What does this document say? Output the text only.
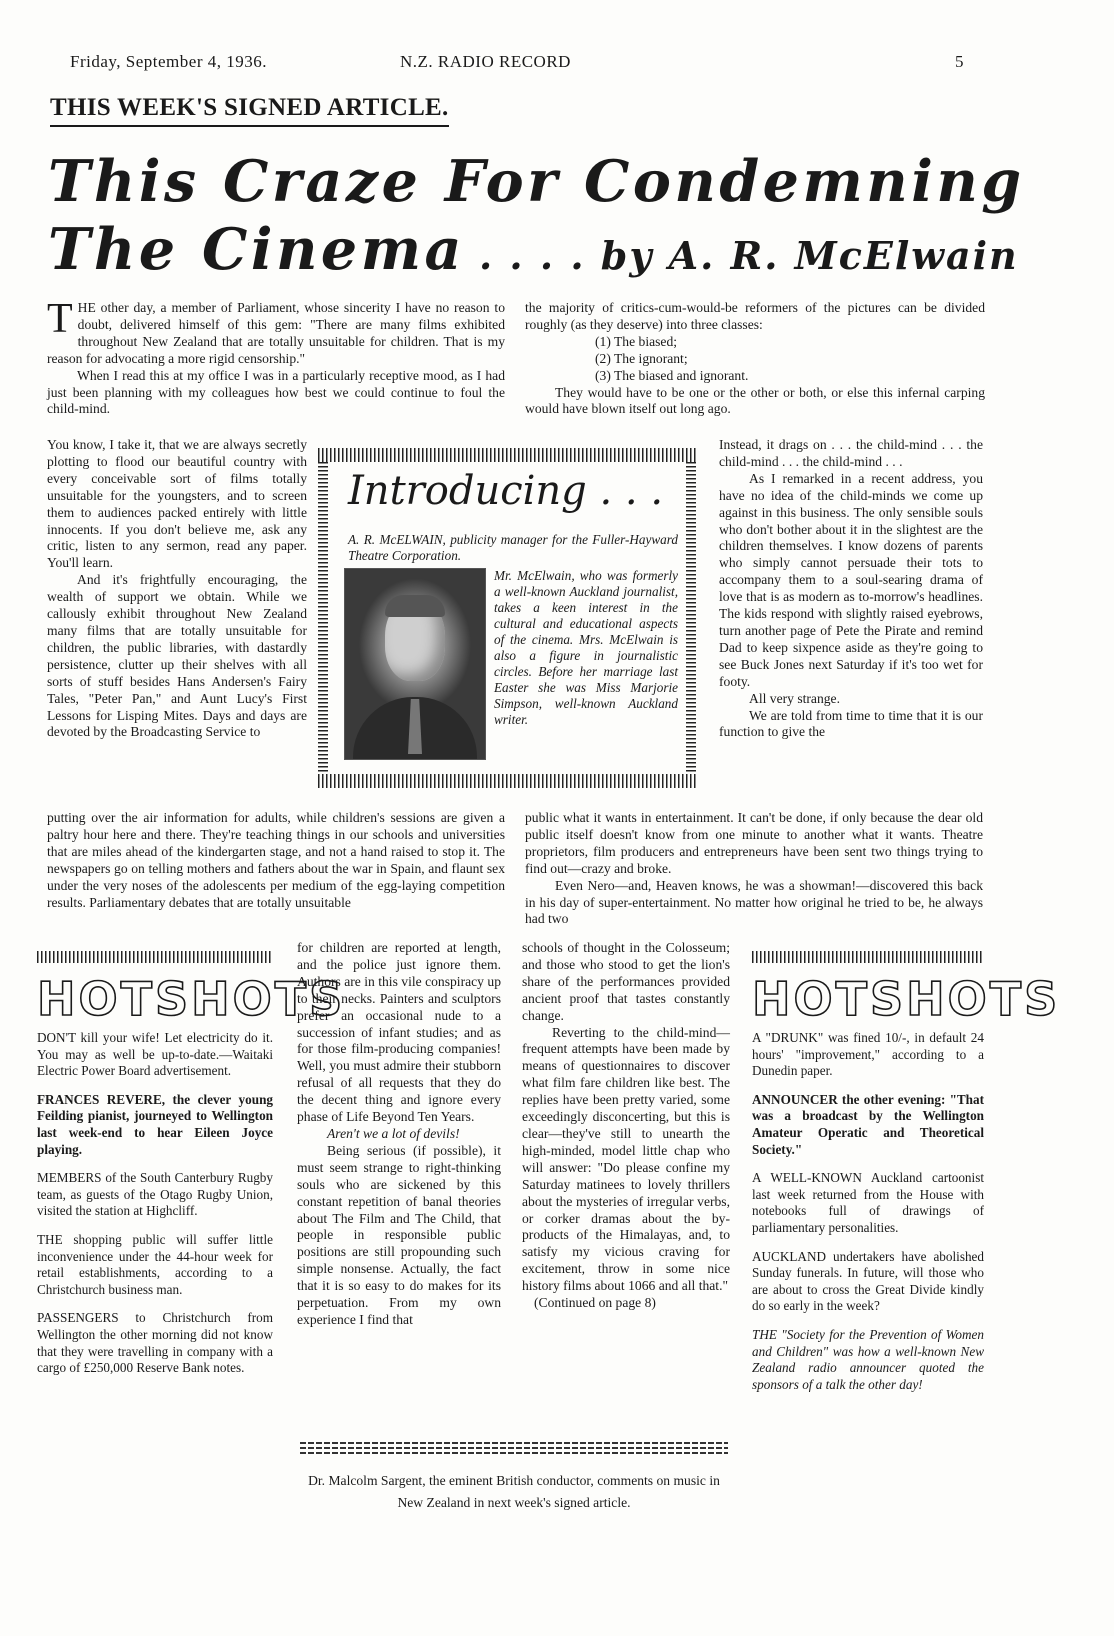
Friday, September 4, 1936.	N.Z. RADIO RECORD	5
THIS WEEK'S SIGNED ARTICLE.
This Craze For Condemning
The Cinema . . . . by A. R. McElwain

THE other day, a member of Parliament, whose sincerity I have no reason to doubt, delivered himself of this gem: "There are many films exhibited throughout New Zealand that are totally unsuitable for children. That is my reason for advocating a more rigid censorship."

When I read this at my office I was in a particularly receptive mood, as I had just been planning with my colleagues how best we could continue to foul the child-mind.

You know, I take it, that we are always secretly plotting to flood our beautiful country with every conceivable sort of films totally unsuitable for the youngsters, and to screen them to audiences packed entirely with little innocents. If you don't believe me, ask any critic, listen to any sermon, read any paper. You'll learn.

And it's frightfully encouraging, the wealth of support we obtain. While we callously exhibit throughout New Zealand many films that are totally unsuitable for children, the public libraries, with dastardly persistence, clutter up their shelves with all sorts of stuff besides Hans Andersen's Fairy Tales, "Peter Pan," and Aunt Lucy's First Lessons for Lisping Mites. Days and days are devoted by the Broadcasting Service to

putting over the air information for adults, while children's sessions are given a paltry hour here and there. They're teaching things in our schools and universities that are miles ahead of the kindergarten stage, and not a hand raised to stop it. The newspapers go on telling mothers and fathers about the war in Spain, and flaunt sex under the very noses of the adolescents per medium of the egg-laying competition results. Parliamentary debates that are totally unsuitable

the majority of critics-cum-would-be reformers of the pictures can be divided roughly (as they deserve) into three classes:

(1) The biased;
(2) The ignorant;
(3) The biased and ignorant.

They would have to be one or the other or both, or else this infernal carping would have blown itself out long ago.

Instead, it drags on . . . the child-mind . . . the child-mind . . . the child-mind . . .

As I remarked in a recent address, you have no idea of the child-minds we come up against in this business. The only sensible souls who don't bother about it in the slightest are the children themselves. I know dozens of parents who simply cannot persuade their tots to accompany them to a soul-searing drama of love that is as modern as to-morrow's headlines. The kids respond with slightly raised eyebrows, turn another page of Pete the Pirate and remind Dad to keep sixpence aside as they're going to see Buck Jones next Saturday if it's too wet for footy.

All very strange.

We are told from time to time that it is our function to give the

public what it wants in entertainment. It can't be done, if only because the dear old public itself doesn't know from one minute to another what it wants. Theatre proprietors, film producers and entrepreneurs have been sent two things trying to find out—crazy and broke.

Even Nero—and, Heaven knows, he was a showman!—discovered this back in his day of super-entertainment. No matter how original he tried to be, he always had two

Introducing . . .
A. R. McELWAIN, publicity manager for the Fuller-Hayward Theatre Corporation.
Mr. McElwain, who was formerly a well-known Auckland journalist, takes a keen interest in the cultural and educational aspects of the cinema. Mrs. McElwain is also a figure in journalistic circles. Before her marriage last Easter she was Miss Marjorie Simpson, well-known Auckland writer.

for children are reported at length, and the police just ignore them. Authors are in this vile conspiracy up to their necks. Painters and sculptors prefer an occasional nude to a succession of infant studies; and as for those film-producing companies! Well, you must admire their stubborn refusal of all requests that they do the decent thing and ignore every phase of Life Beyond Ten Years.

Aren't we a lot of devils!

Being serious (if possible), it must seem strange to right-thinking souls who are sickened by this constant repetition of banal theories about The Film and The Child, that people in responsible public positions are still propounding such simple nonsense. Actually, the fact that it is so easy to do makes for its perpetuation. From my own experience I find that

schools of thought in the Colosseum; and those who stood to get the lion's share of the performances provided ancient proof that tastes constantly change.

Reverting to the child-mind—frequent attempts have been made by means of questionnaires to discover what film fare children like best. The replies have been pretty varied, some exceedingly disconcerting, but this is clear—they've still to unearth the high-minded, model little chap who will answer: "Do please confine my Saturday matinees to lovely thrillers about the mysteries of irregular verbs, or corker dramas about the by-products of the Himalayas, and, to satisfy my vicious craving for excitement, throw in some nice history films about 1066 and all that."

(Continued on page 8)

HOTSHOTS

DON'T kill your wife! Let electricity do it. You may as well be up-to-date.—Waitaki Electric Power Board advertisement.

FRANCES REVERE, the clever young Feilding pianist, journeyed to Wellington last week-end to hear Eileen Joyce playing.

MEMBERS of the South Canterbury Rugby team, as guests of the Otago Rugby Union, visited the station at Highcliff.

THE shopping public will suffer little inconvenience under the 44-hour week for retail establishments, according to a Christchurch business man.

PASSENGERS to Christchurch from Wellington the other morning did not know that they were travelling in company with a cargo of £250,000 Reserve Bank notes.

HOTSHOTS

A "DRUNK" was fined 10/-, in default 24 hours' "improvement," according to a Dunedin paper.

ANNOUNCER the other evening: "That was a broadcast by the Wellington Amateur Operatic and Theoretical Society."

A WELL-KNOWN Auckland cartoonist last week returned from the House with notebooks full of drawings of parliamentary personalities.

AUCKLAND undertakers have abolished Sunday funerals. In future, will those who are about to cross the Great Divide kindly do so early in the week?

THE "Society for the Prevention of Women and Children" was how a well-known New Zealand radio announcer quoted the sponsors of a talk the other day!

Dr. Malcolm Sargent, the eminent British conductor, comments on music in New Zealand in next week's signed article.
